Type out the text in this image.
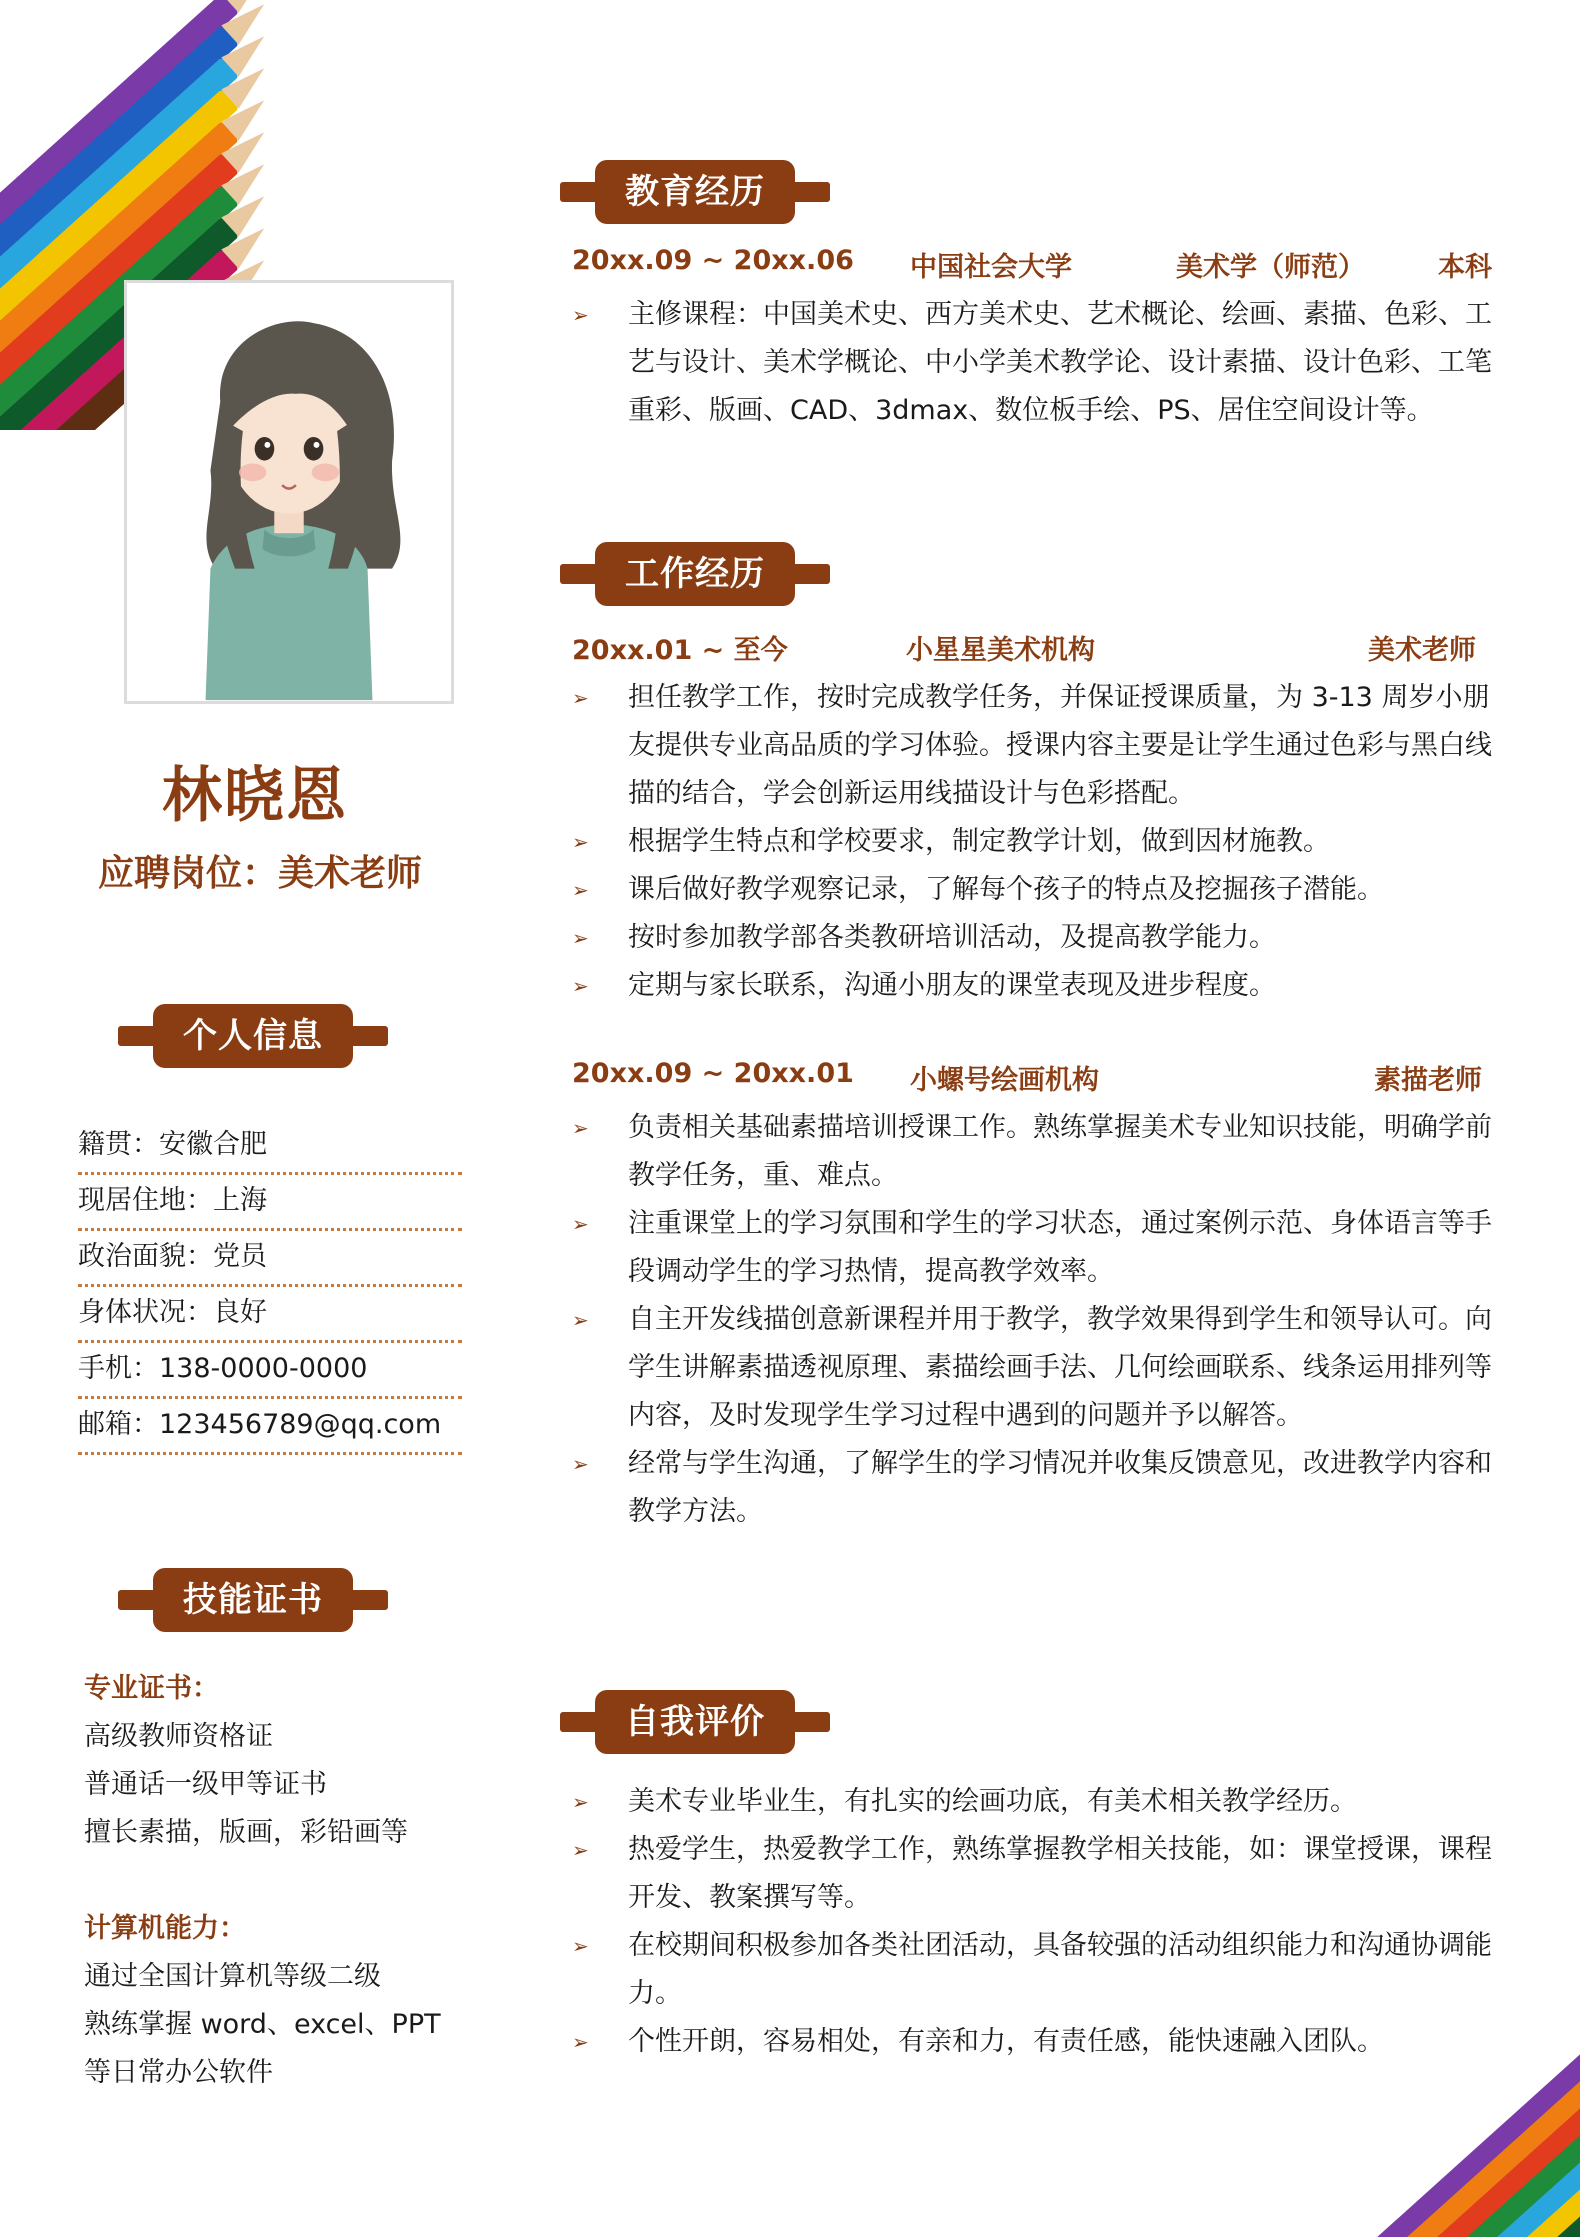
林晓恩
应聘岗位：美术老师
个人信息
籍贯：安徽合肥
现居住地：上海
政治面貌：党员
身体状况：良好
手机：138-0000-0000
邮箱：123456789@qq.com
技能证书
专业证书：
高级教师资格证
普通话一级甲等证书
擅长素描，版画，彩铅画等
计算机能力：
通过全国计算机等级二级
熟练掌握 word、excel、PPT
等日常办公软件
教育经历
20xx.09 ~ 20xx.06 中国社会大学	美术学（师范）	本科
➢ 主修课程：中国美术史、西方美术史、艺术概论、绘画、素描、色彩、工艺与设计、美术学概论、中小学美术教学论、设计素描、设计色彩、工笔重彩、版画、CAD、3dmax、数位板手绘、PS、居住空间设计等。
工作经历
20xx.01 ~ 至今	小星星美术机构	美术老师
➢ 担任教学工作，按时完成教学任务，并保证授课质量，为 3-13 周岁小朋友提供专业高品质的学习体验。授课内容主要是让学生通过色彩与黑白线描的结合，学会创新运用线描设计与色彩搭配。
➢ 根据学生特点和学校要求，制定教学计划，做到因材施教。
➢ 课后做好教学观察记录，了解每个孩子的特点及挖掘孩子潜能。
➢ 按时参加教学部各类教研培训活动，及提高教学能力。
➢ 定期与家长联系，沟通小朋友的课堂表现及进步程度。
20xx.09 ~ 20xx.01 小螺号绘画机构	素描老师
➢ 负责相关基础素描培训授课工作。熟练掌握美术专业知识技能，明确学前教学任务，重、难点。
➢ 注重课堂上的学习氛围和学生的学习状态，通过案例示范、身体语言等手段调动学生的学习热情，提高教学效率。
➢ 自主开发线描创意新课程并用于教学，教学效果得到学生和领导认可。向学生讲解素描透视原理、素描绘画手法、几何绘画联系、线条运用排列等内容，及时发现学生学习过程中遇到的问题并予以解答。
➢ 经常与学生沟通，了解学生的学习情况并收集反馈意见，改进教学内容和教学方法。
自我评价
➢ 美术专业毕业生，有扎实的绘画功底，有美术相关教学经历。
➢ 热爱学生，热爱教学工作，熟练掌握教学相关技能，如：课堂授课，课程开发、教案撰写等。
➢ 在校期间积极参加各类社团活动，具备较强的活动组织能力和沟通协调能力。
➢ 个性开朗，容易相处，有亲和力，有责任感，能快速融入团队。
